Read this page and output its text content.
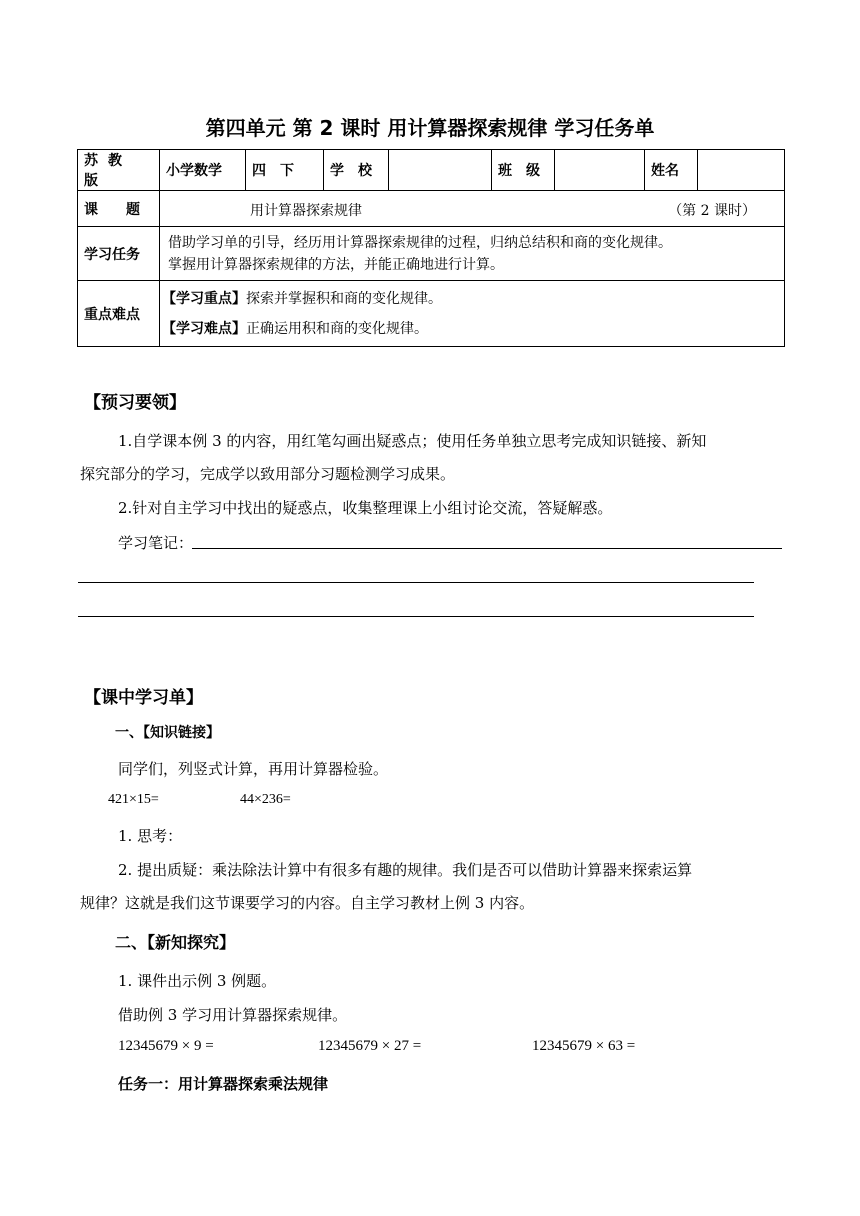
第四单元 第 2 课时 用计算器探索规律 学习任务单
苏教版	小学数学	四　下	学　校		班　级		姓名	
课　　题	用计算器探索规律 （第 2 课时）							

学习任务	借助学习单的引导，经历用计算器探索规律的过程，归纳总结积和商的变化规律。
掌握用计算器探索规律的方法，并能正确地进行计算。							

重点难点	【学习重点】探索并掌握积和商的变化规律。
【学习难点】正确运用积和商的变化规律。							
【预习要领】
1.自学课本例 3 的内容，用红笔勾画出疑惑点；使用任务单独立思考完成知识链接、新知
探究部分的学习，完成学以致用部分习题检测学习成果。
2.针对自主学习中找出的疑惑点，收集整理课上小组讨论交流，答疑解惑。
学习笔记：
【课中学习单】
一、【知识链接】
同学们，列竖式计算，再用计算器检验。
421×15=	44×236=
1. 思考：
2. 提出质疑：乘法除法计算中有很多有趣的规律。我们是否可以借助计算器来探索运算
规律？这就是我们这节课要学习的内容。自主学习教材上例 3 内容。
二、【新知探究】
1. 课件出示例 3 例题。
借助例 3 学习用计算器探索规律。
12345679 × 9 =	12345679 × 27 =	12345679 × 63 =
任务一：用计算器探索乘法规律
